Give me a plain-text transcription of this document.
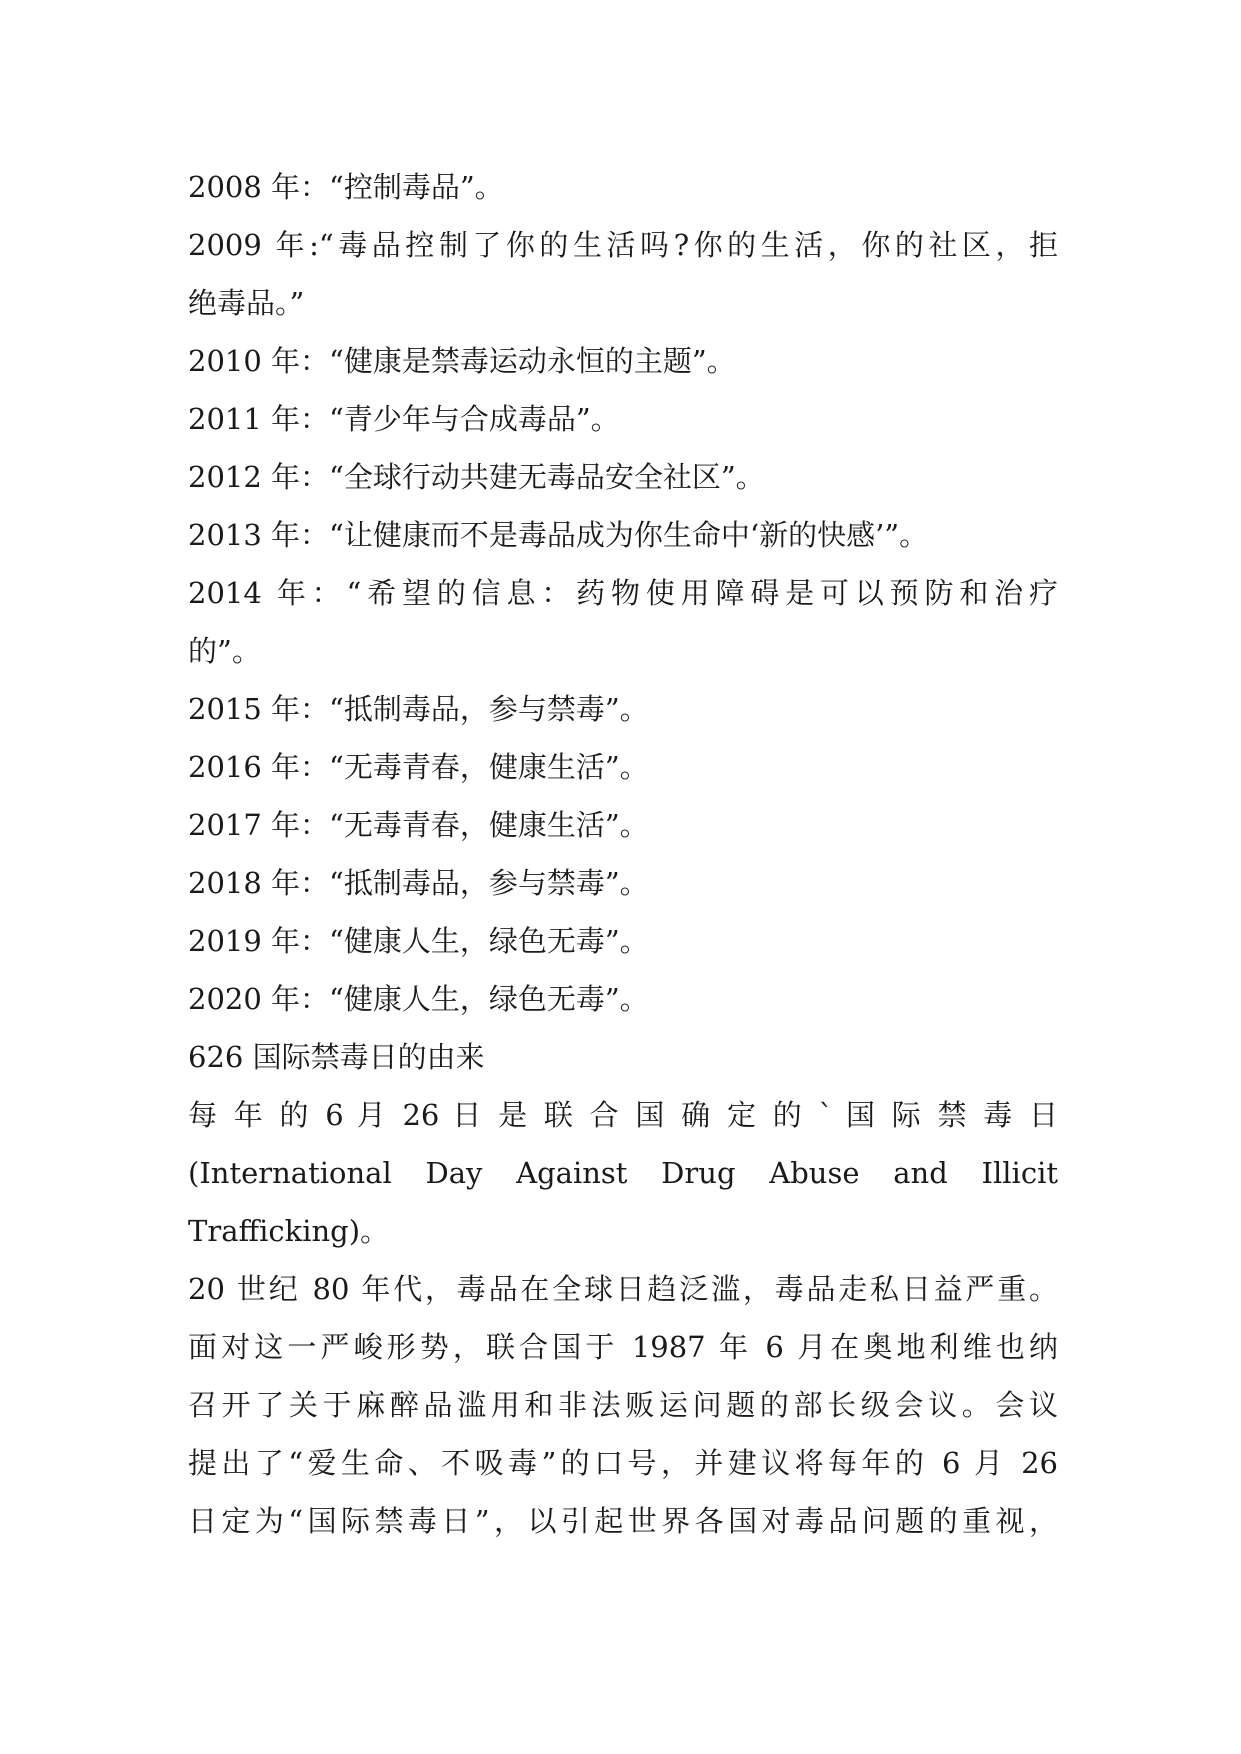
2008 年：“控制毒品”。
2009 年:“毒品控制了你的生活吗?你的生活，你的社区，拒
绝毒品。”
2010 年：“健康是禁毒运动永恒的主题”。
2011 年：“青少年与合成毒品”。
2012 年：“全球行动共建无毒品安全社区”。
2013 年：“让健康而不是毒品成为你生命中‘新的快感’”。
2014 年：“希望的信息：药物使用障碍是可以预防和治疗
的”。
2015 年：“抵制毒品，参与禁毒”。
2016 年：“无毒青春，健康生活”。
2017 年：“无毒青春，健康生活”。
2018 年：“抵制毒品，参与禁毒”。
2019 年：“健康人生，绿色无毒”。
2020 年：“健康人生，绿色无毒”。
626 国际禁毒日的由来
每 年 的 6 月 26 日 是 联 合 国 确 定 的 ` 国 际 禁 毒 日
(International Day Against Drug Abuse and Illicit
Trafficking)。
20 世纪 80 年代，毒品在全球日趋泛滥，毒品走私日益严重。
面对这一严峻形势，联合国于 1987 年 6 月在奥地利维也纳
召开了关于麻醉品滥用和非法贩运问题的部长级会议。会议
提出了“爱生命、不吸毒”的口号，并建议将每年的 6 月 26
日定为“国际禁毒日”，以引起世界各国对毒品问题的重视，
